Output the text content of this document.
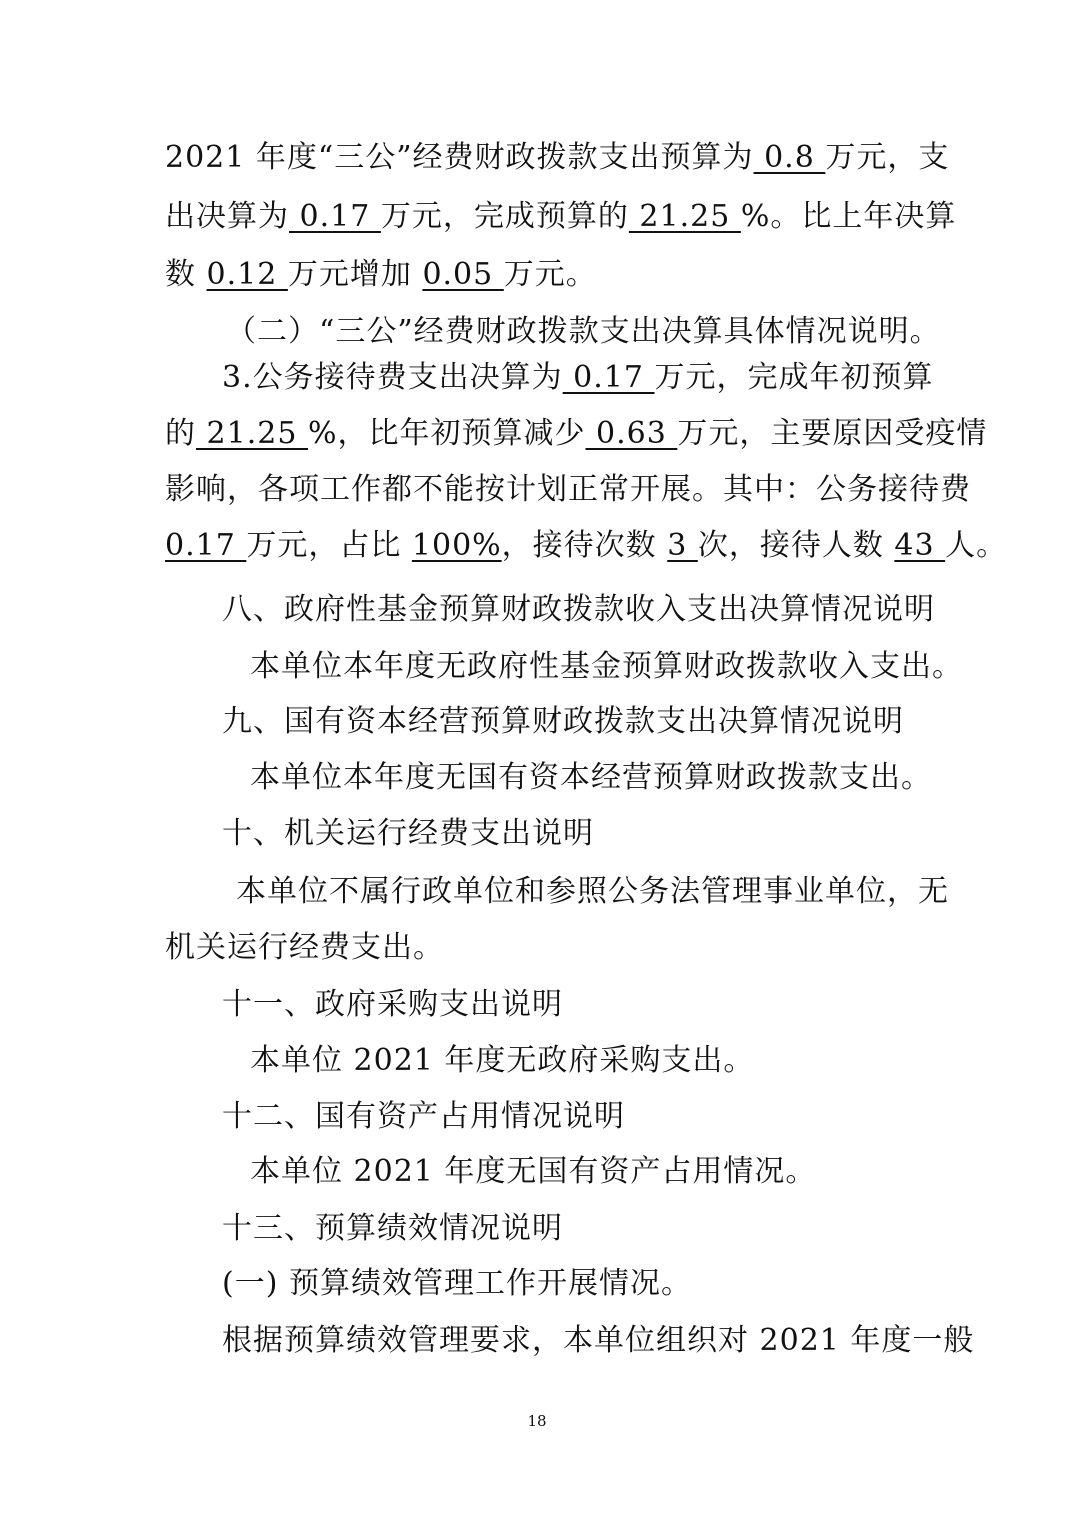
2021 年度“三公”经费财政拨款支出预算为 0.8 万元，支
出决算为 0.17 万元，完成预算的 21.25 %。比上年决算
数 0.12 万元增加 0.05 万元。
（二）“三公”经费财政拨款支出决算具体情况说明。
3.公务接待费支出决算为 0.17 万元，完成年初预算
的 21.25 %，比年初预算减少 0.63 万元，主要原因受疫情
影响，各项工作都不能按计划正常开展。其中：公务接待费
0.17 万元，占比 100%，接待次数 3 次，接待人数 43 人。
八、政府性基金预算财政拨款收入支出决算情况说明
本单位本年度无政府性基金预算财政拨款收入支出。
九、国有资本经营预算财政拨款支出决算情况说明
本单位本年度无国有资本经营预算财政拨款支出。
十、机关运行经费支出说明
本单位不属行政单位和参照公务法管理事业单位，无
机关运行经费支出。
十一、政府采购支出说明
本单位 2021 年度无政府采购支出。
十二、国有资产占用情况说明
本单位 2021 年度无国有资产占用情况。
十三、预算绩效情况说明
(一) 预算绩效管理工作开展情况。
根据预算绩效管理要求，本单位组织对 2021 年度一般
18
